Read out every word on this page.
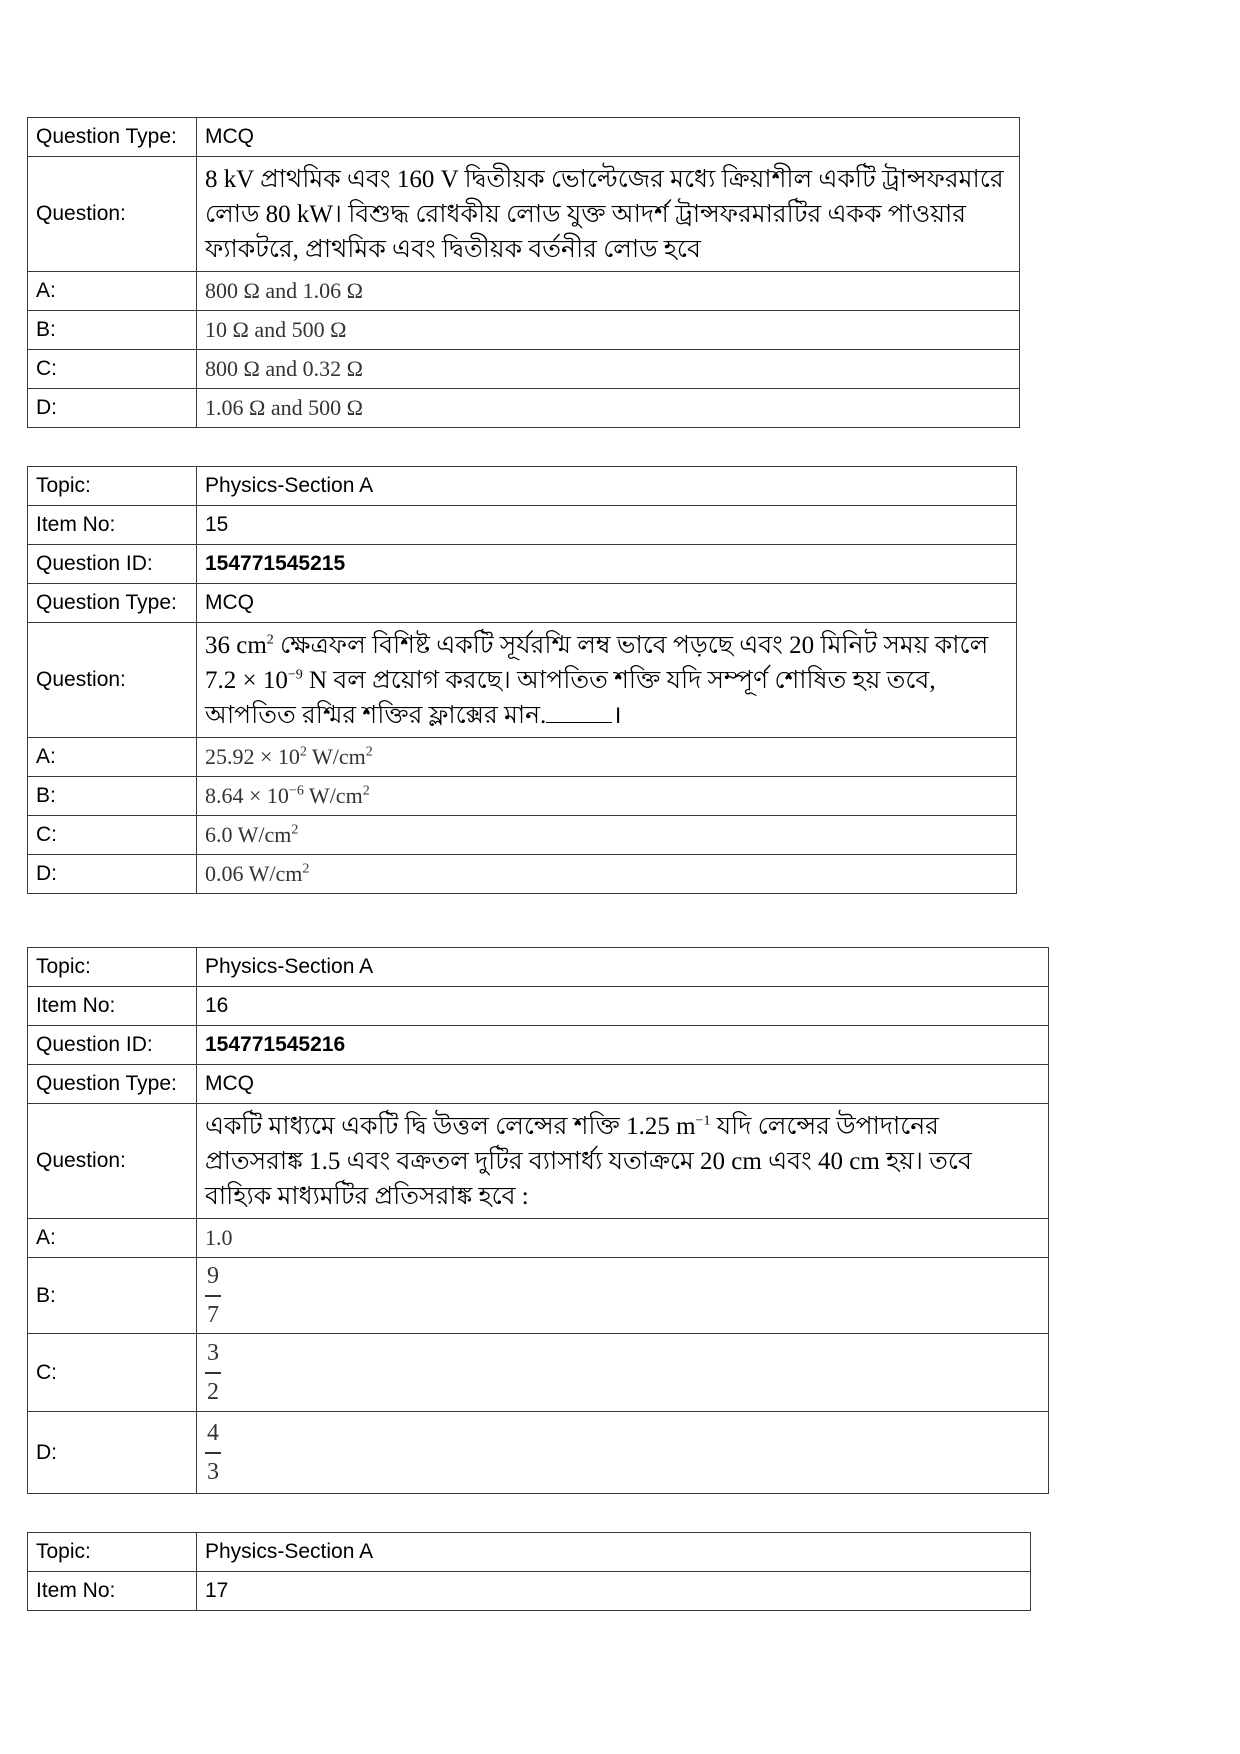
Question Type:	MCQ
Question:	8 kV প্রাথমিক এবং 160 V দ্বিতীয়ক ভোল্টেজের মধ্যে ক্রিয়াশীল একটি ট্রান্সফরমারে লোড 80 kW। বিশুদ্ধ রোধকীয় লোড যুক্ত আদর্শ ট্রান্সফরমারটির একক পাওয়ার ফ্যাকটরে, প্রাথমিক এবং দ্বিতীয়ক বর্তনীর লোড হবে
A:	800 Ω and 1.06 Ω
B:	10 Ω and 500 Ω
C:	800 Ω and 0.32 Ω
D:	1.06 Ω and 500 Ω
Topic:	Physics-Section A
Item No:	15
Question ID:	154771545215
Question Type:	MCQ
Question:	36 $cm^2$ ক্ষেত্রফল বিশিষ্ট একটি সূর্যরশ্মি লম্ব ভাবে পড়ছে এবং 20 মিনিট সময় কালে $7.2 \times 10^{-9}$ N বল প্রয়োগ করছে। আপতিত শক্তি যদি সম্পূর্ণ শোষিত হয় তবে, আপতিত রশ্মির শক্তির ফ্লাক্সের মান. ।
A:	$25.92 \times 10^2$ $W/cm^2$
B:	$8.64 \times 10^{-6}$ $W/cm^2$
C:	6.0 $W/cm^2$
D:	0.06 $W/cm^2$
Topic:	Physics-Section A
Item No:	16
Question ID:	154771545216
Question Type:	MCQ
Question:	একটি মাধ্যমে একটি দ্বি উত্তল লেন্সের শক্তি 1.25 $m^{-1}$ যদি লেন্সের উপাদানের প্রাতসরাঙ্ক 1.5 এবং বক্রতল দুটির ব্যাসার্ধ্য যতাক্রমে 20 cm এবং 40 cm হয়। তবে বাহ্যিক মাধ্যমটির প্রতিসরাঙ্ক হবে :
A:	1.0
B:	$\frac{9}{7}$

C:	$\frac{3}{2}$

D:	$\frac{4}{3}$
Topic:	Physics-Section A
Item No:	17
